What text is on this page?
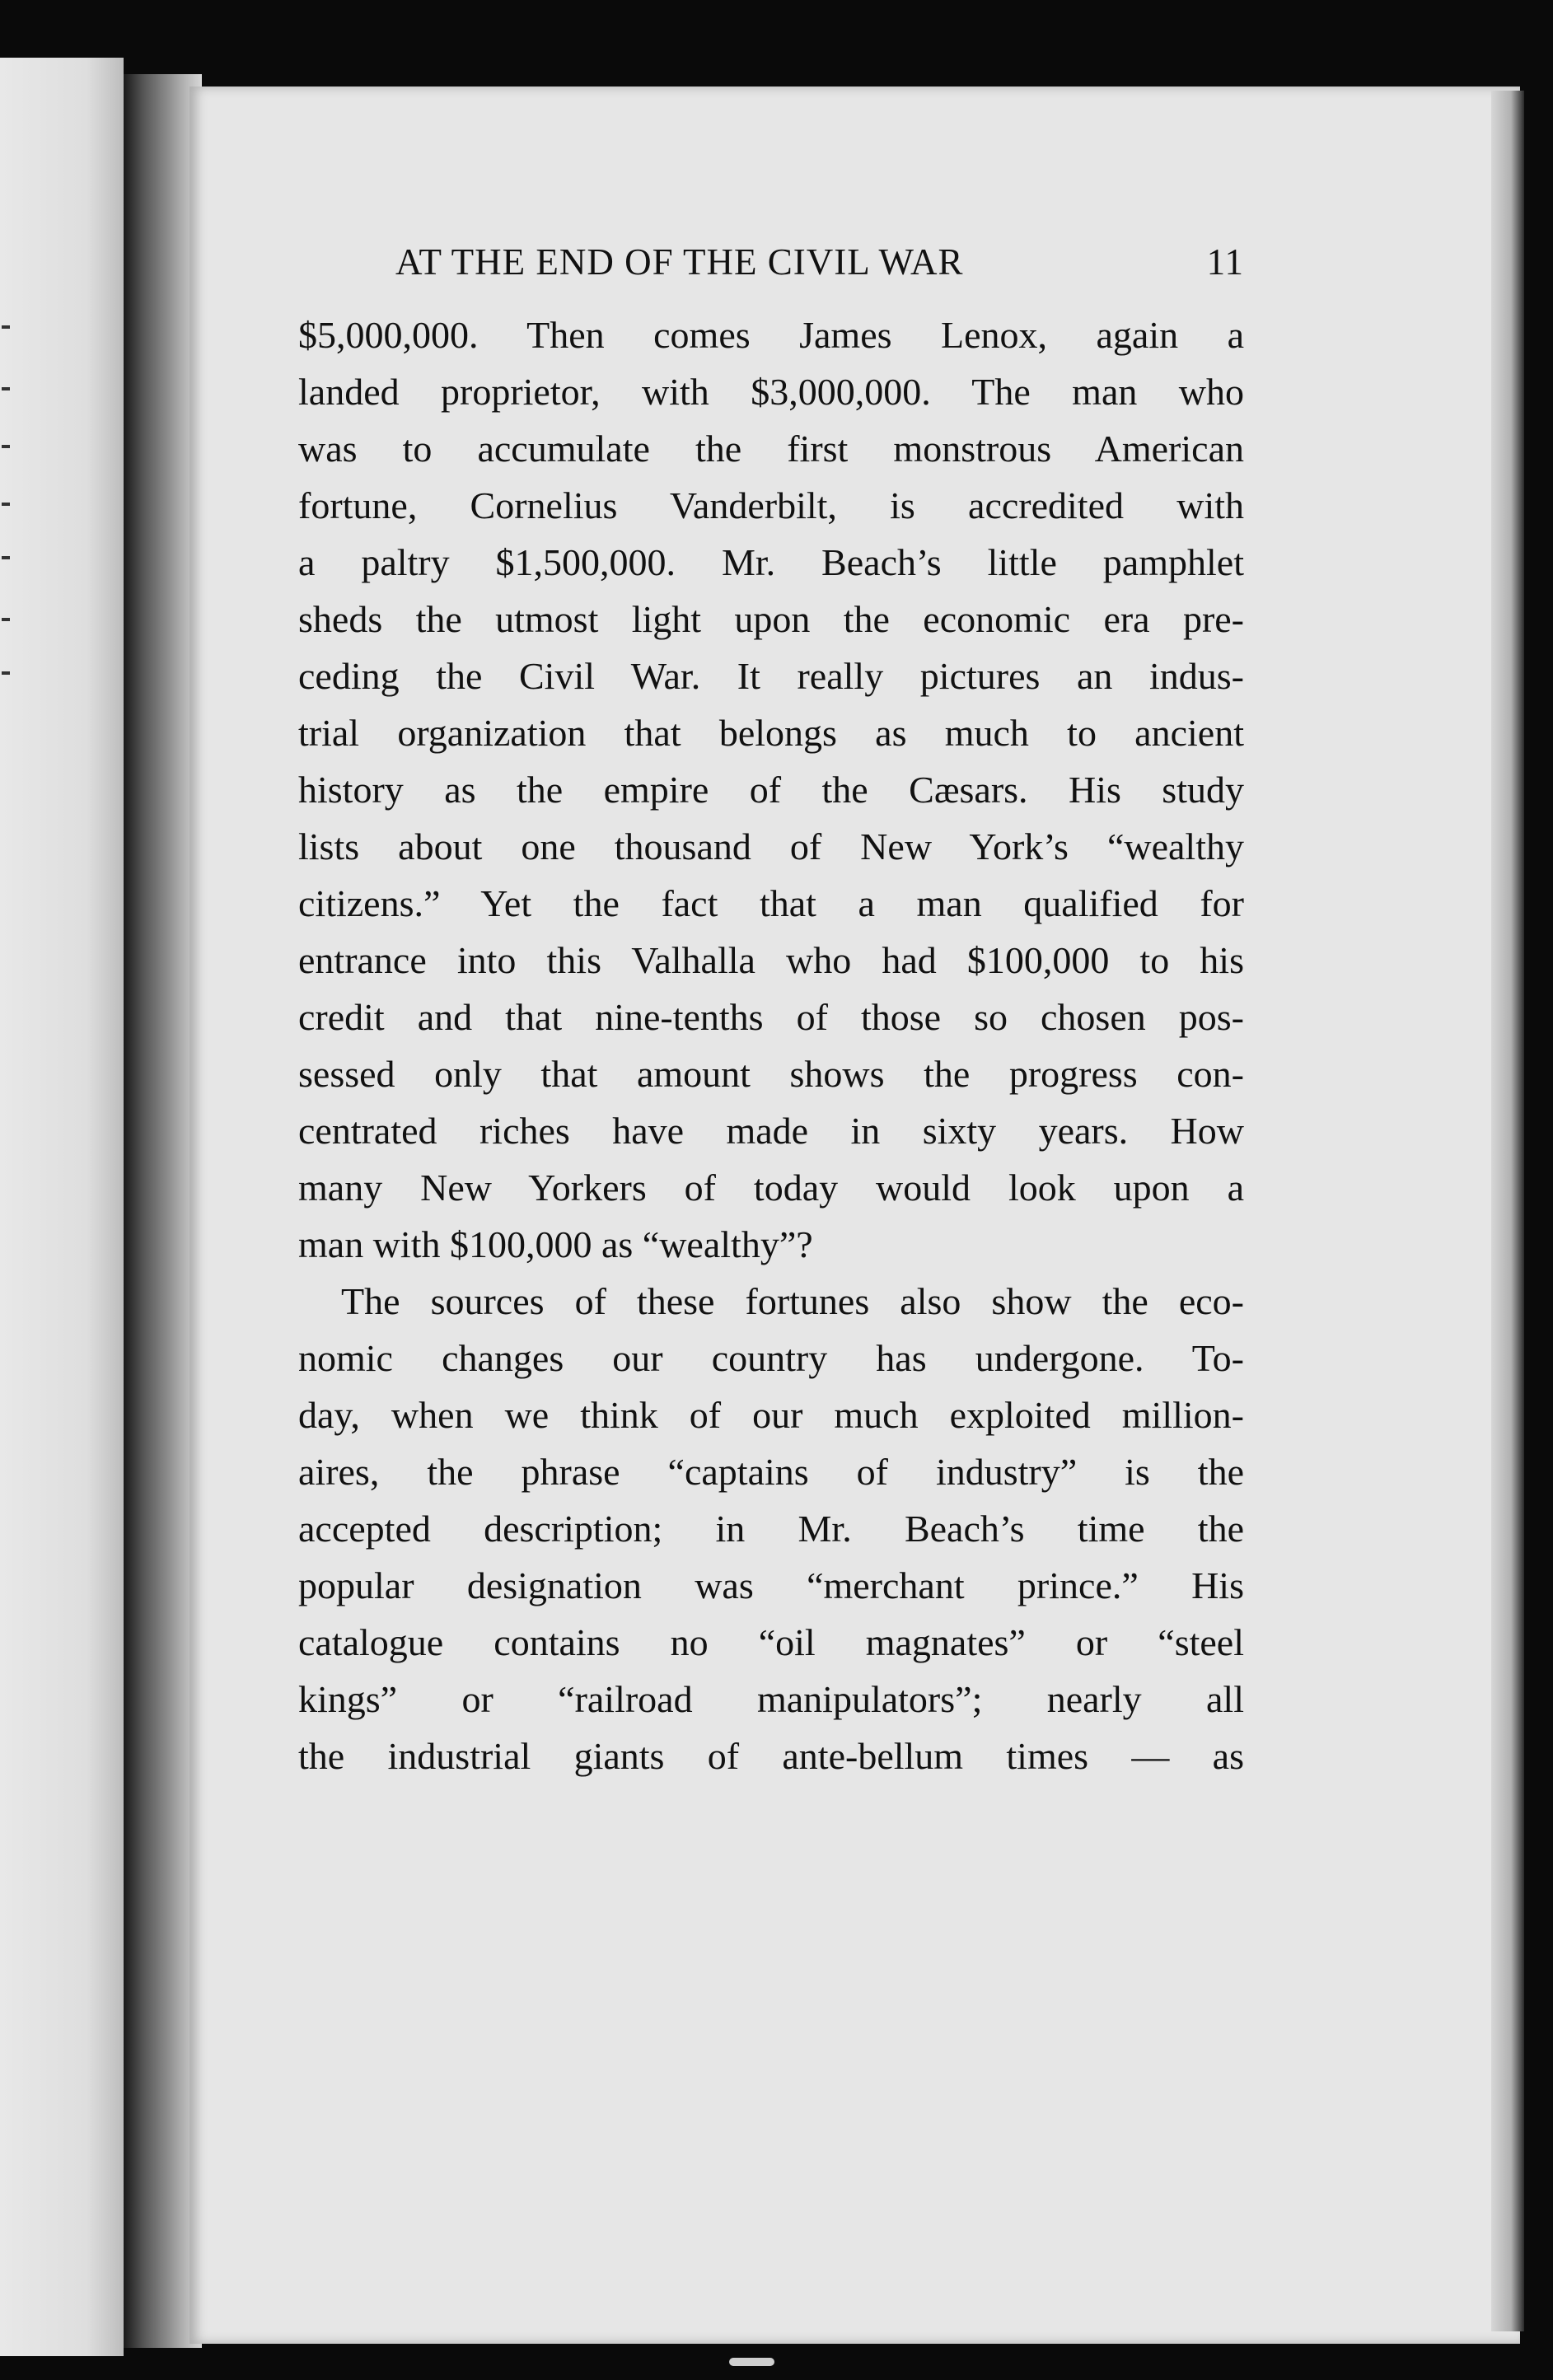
AT THE END OF THE CIVIL WAR	11
$5,000,000. Then comes James Lenox, again a
landed proprietor, with $3,000,000. The man who
was to accumulate the first monstrous American
fortune, Cornelius Vanderbilt, is accredited with
a paltry $1,500,000. Mr. Beach’s little pamphlet
sheds the utmost light upon the economic era pre-
ceding the Civil War. It really pictures an indus-
trial organization that belongs as much to ancient
history as the empire of the Cæsars. His study
lists about one thousand of New York’s “wealthy
citizens.” Yet the fact that a man qualified for
entrance into this Valhalla who had $100,000 to his
credit and that nine-tenths of those so chosen pos-
sessed only that amount shows the progress con-
centrated riches have made in sixty years. How
many New Yorkers of today would look upon a
man with $100,000 as “wealthy”?
The sources of these fortunes also show the eco-
nomic changes our country has undergone. To-
day, when we think of our much exploited million-
aires, the phrase “captains of industry” is the
accepted description; in Mr. Beach’s time the
popular designation was “merchant prince.” His
catalogue contains no “oil magnates” or “steel
kings” or “railroad manipulators”; nearly all
the industrial giants of ante-bellum times — as
